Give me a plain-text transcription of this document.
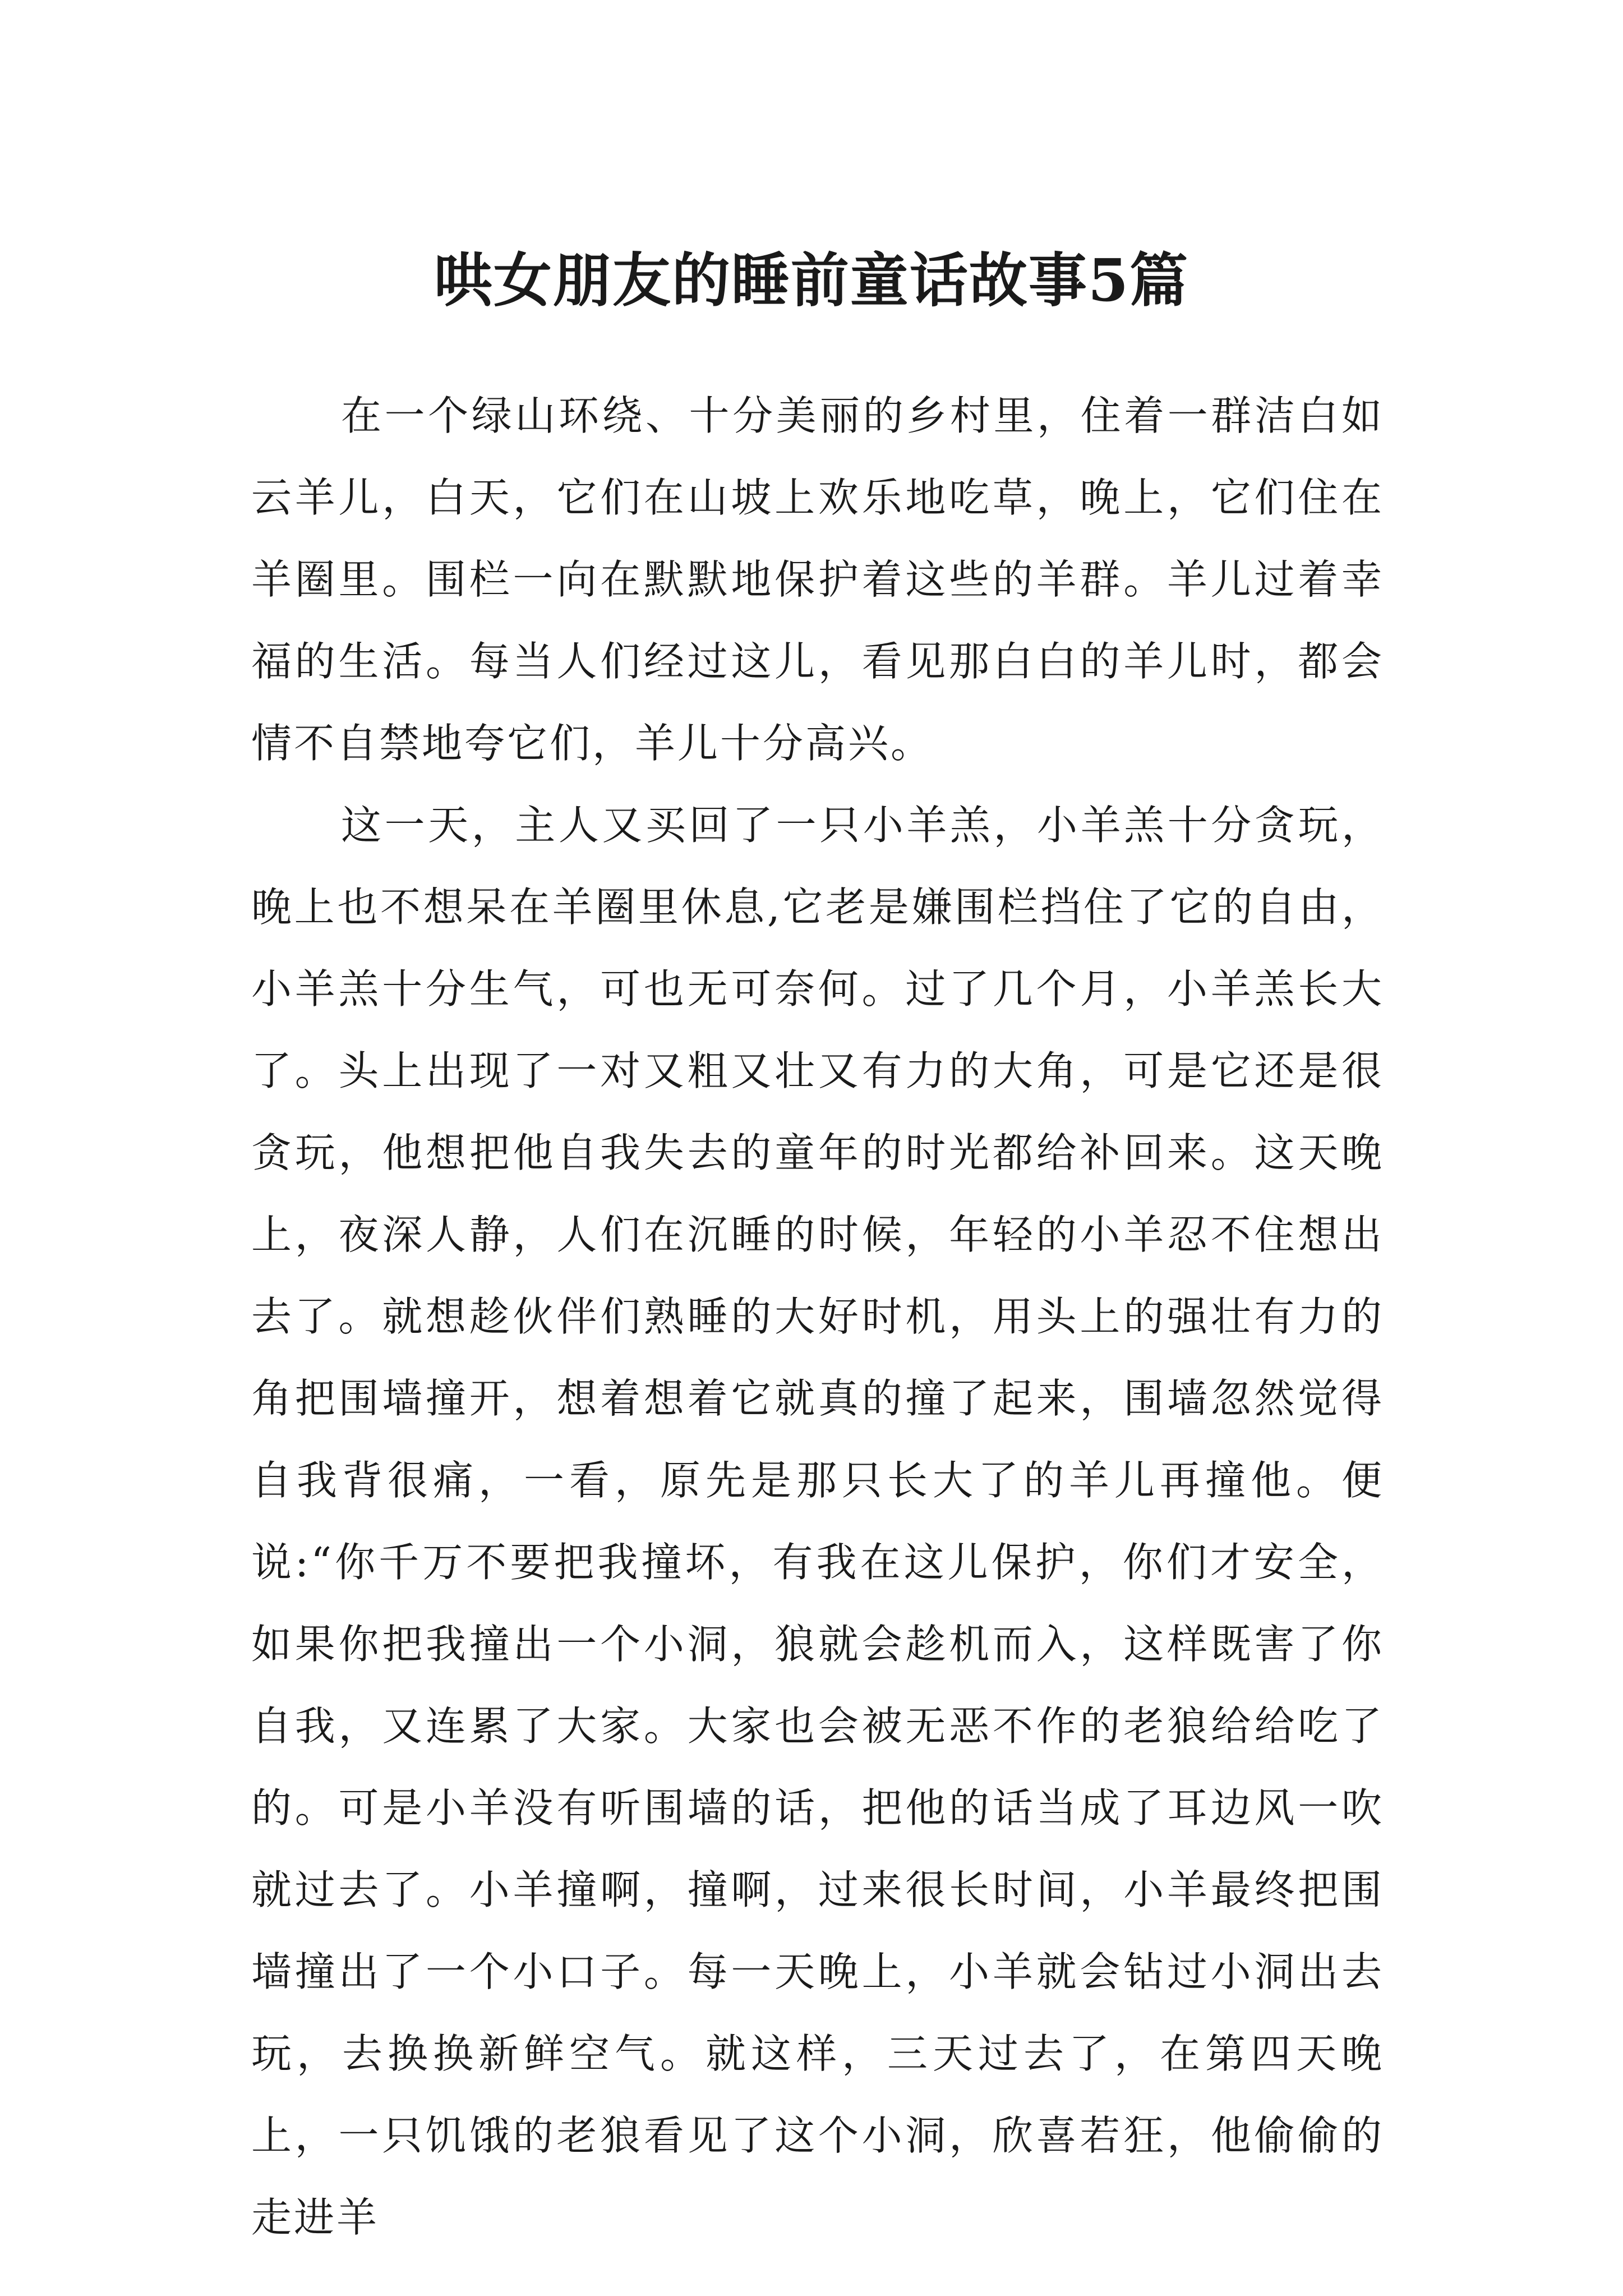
哄女朋友的睡前童话故事5篇

在一个绿山环绕、十分美丽的乡村里，住着一群洁白如云羊儿，白天，它们在山坡上欢乐地吃草，晚上，它们住在羊圈里。围栏一向在默默地保护着这些的羊群。羊儿过着幸福的生活。每当人们经过这儿，看见那白白的羊儿时，都会情不自禁地夸它们，羊儿十分高兴。

这一天，主人又买回了一只小羊羔，小羊羔十分贪玩，晚上也不想呆在羊圈里休息,它老是嫌围栏挡住了它的自由，小羊羔十分生气，可也无可奈何。过了几个月，小羊羔长大了。头上出现了一对又粗又壮又有力的大角，可是它还是很贪玩，他想把他自我失去的童年的时光都给补回来。这天晚上，夜深人静，人们在沉睡的时候，年轻的小羊忍不住想出去了。就想趁伙伴们熟睡的大好时机，用头上的强壮有力的角把围墙撞开，想着想着它就真的撞了起来，围墙忽然觉得自我背很痛，一看，原先是那只长大了的羊儿再撞他。便说:“你千万不要把我撞坏，有我在这儿保护，你们才安全，如果你把我撞出一个小洞，狼就会趁机而入，这样既害了你自我，又连累了大家。大家也会被无恶不作的老狼给给吃了的。可是小羊没有听围墙的话，把他的话当成了耳边风一吹就过去了。小羊撞啊，撞啊，过来很长时间，小羊最终把围墙撞出了一个小口子。每一天晚上，小羊就会钻过小洞出去玩，去换换新鲜空气。就这样，三天过去了，在第四天晚上，一只饥饿的老狼看见了这个小洞，欣喜若狂，他偷偷的走进羊
